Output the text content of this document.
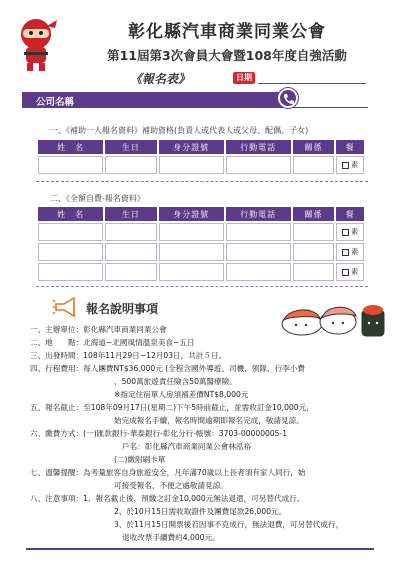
彰化縣汽車商業同業公會
第11屆第3次會員大會暨108年度自強活動
《報名表》	日期
公司名稱
一、《補助一人報名資料》補助資格(負責人或代表人或父母、配偶、子女)
姓　名	生日	身分證號	行動電話	關係	餐
					素
二、《全額自費-報名資料》
姓　名	生日	身分證號	行動電話	關係	餐
					素
					素
					素
報名說明事項
一、主辦單位：彰化縣汽車商業同業公會
二、地　　點：北海道~北國風情溫泉美食~五日
三、出發時間：108年11月29日~12月03日，共計５日。
四、行程費用：每人團費NT$36,000元 (全程含國外導遊、司機、領隊、行李小費
，500萬旅遊責任險含50萬醫療險。
※指定住宿單人房須補差價NT$8,000元
五、報名截止：至108年09月17日(星期二)下午5時前截止，並需收訂金10,000元，
始完成報名手續，報名時間逾期即報名完成，敬請見諒。
六、繳費方式：(一)匯款銀行-華泰銀行-彰化分行-帳號：3703-00000005-1
戶名：彰化縣汽車商業同業公會林泓裕
(二)繳附刷卡單
七、溫馨提醒：為考量旅客自身旅遊安全，凡年滿70歲以上長者須有家人同行，始
可接受報名，不便之處敬請見諒。
八、注意事項：1、報名截止後，預繳之訂金10,000元無法退還，可另替代成行。
2、於10月15日需收取證件及團費尾款26,000元。
3、於11月15日開票後若因事不克成行，無法退費，可另替代成行，
退收改票手續費約4,000元。
